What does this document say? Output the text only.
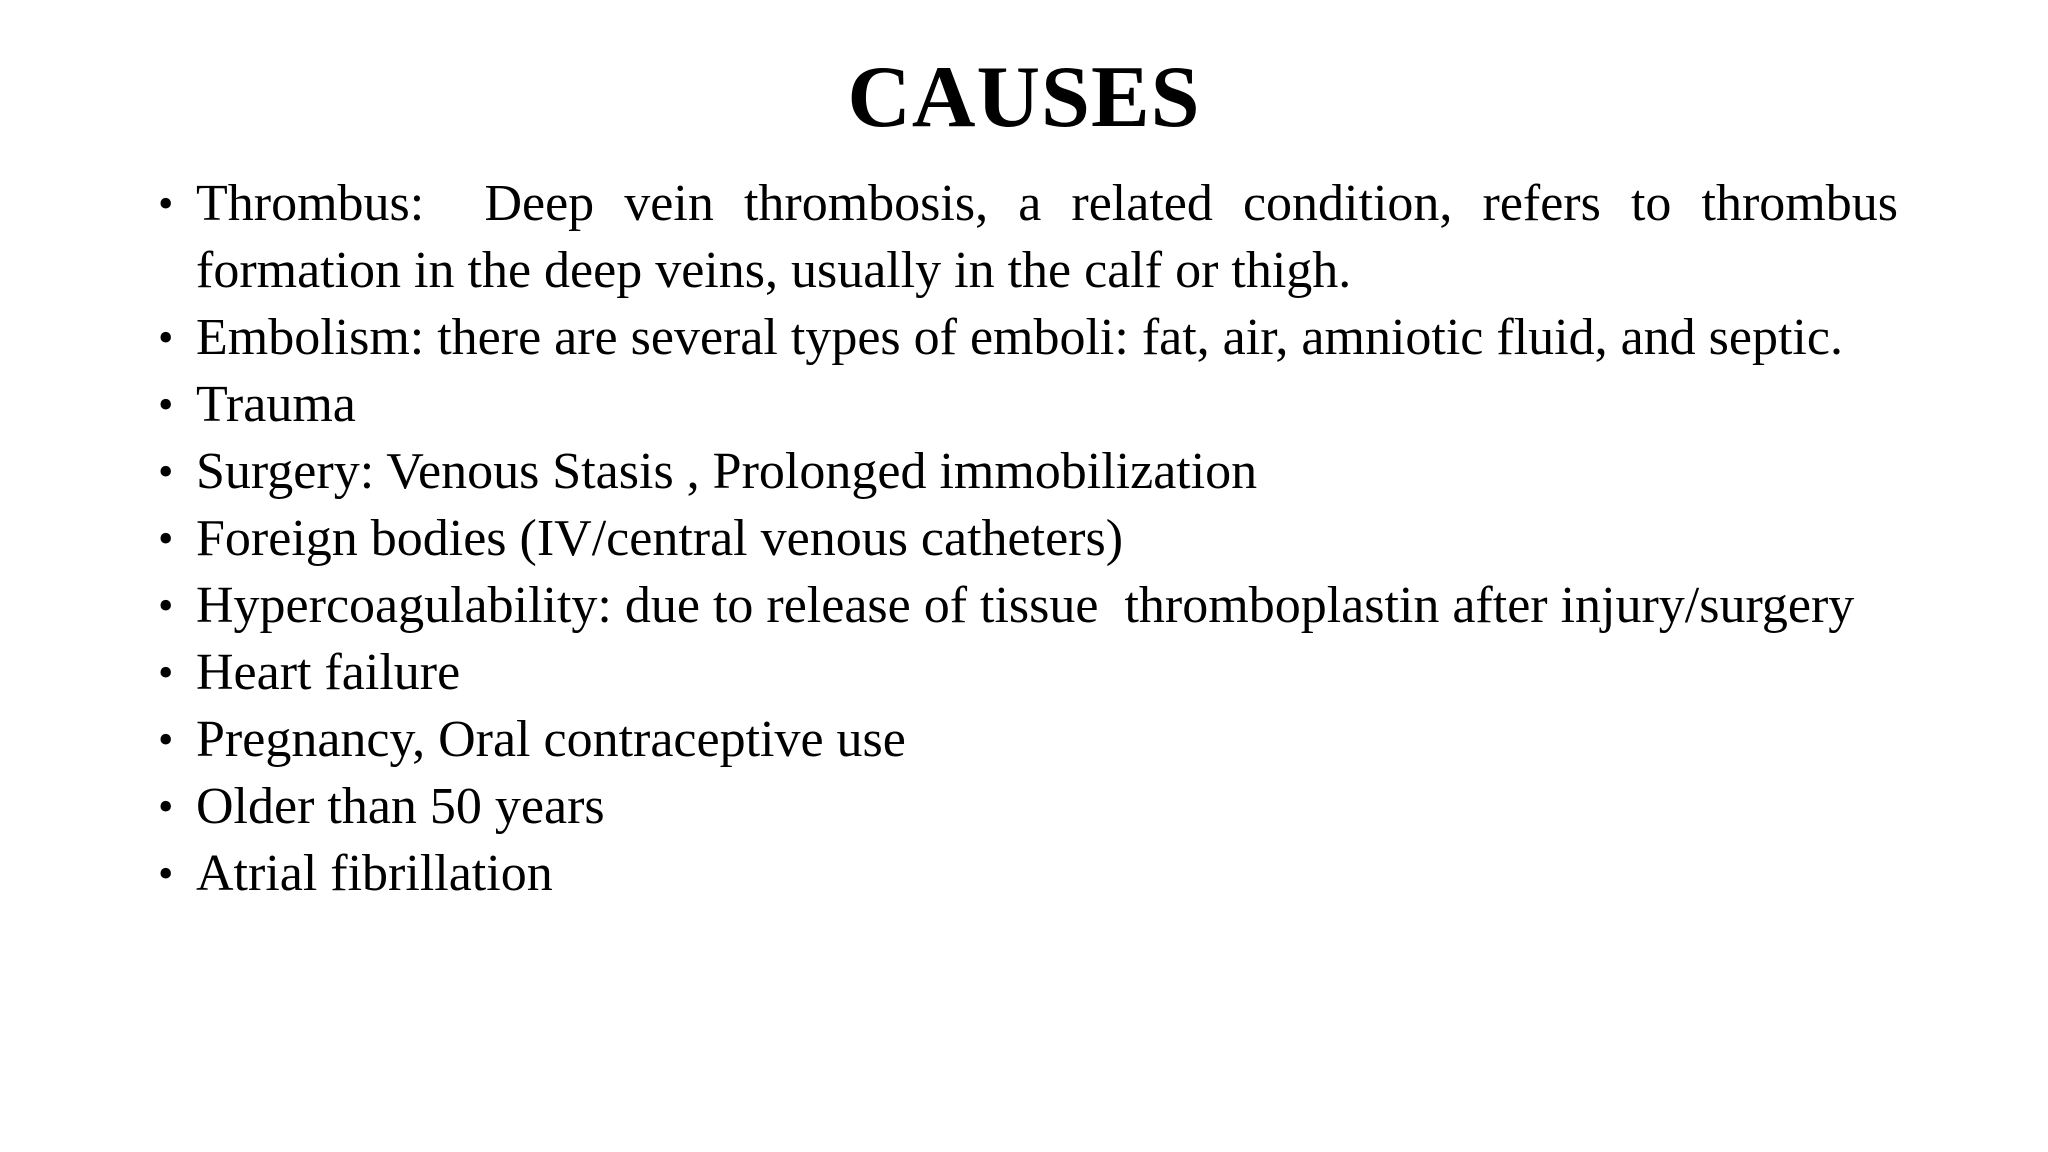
CAUSES
• Thrombus:  Deep vein thrombosis, a related condition, refers to thrombus formation in the deep veins, usually in the calf or thigh.
• Embolism: there are several types of emboli: fat, air, amniotic fluid, and septic.
• Trauma
• Surgery: Venous Stasis , Prolonged immobilization
• Foreign bodies (IV/central venous catheters)
• Hypercoagulability: due to release of tissue  thromboplastin after injury/surgery
• Heart failure
• Pregnancy, Oral contraceptive use
• Older than 50 years
• Atrial fibrillation
